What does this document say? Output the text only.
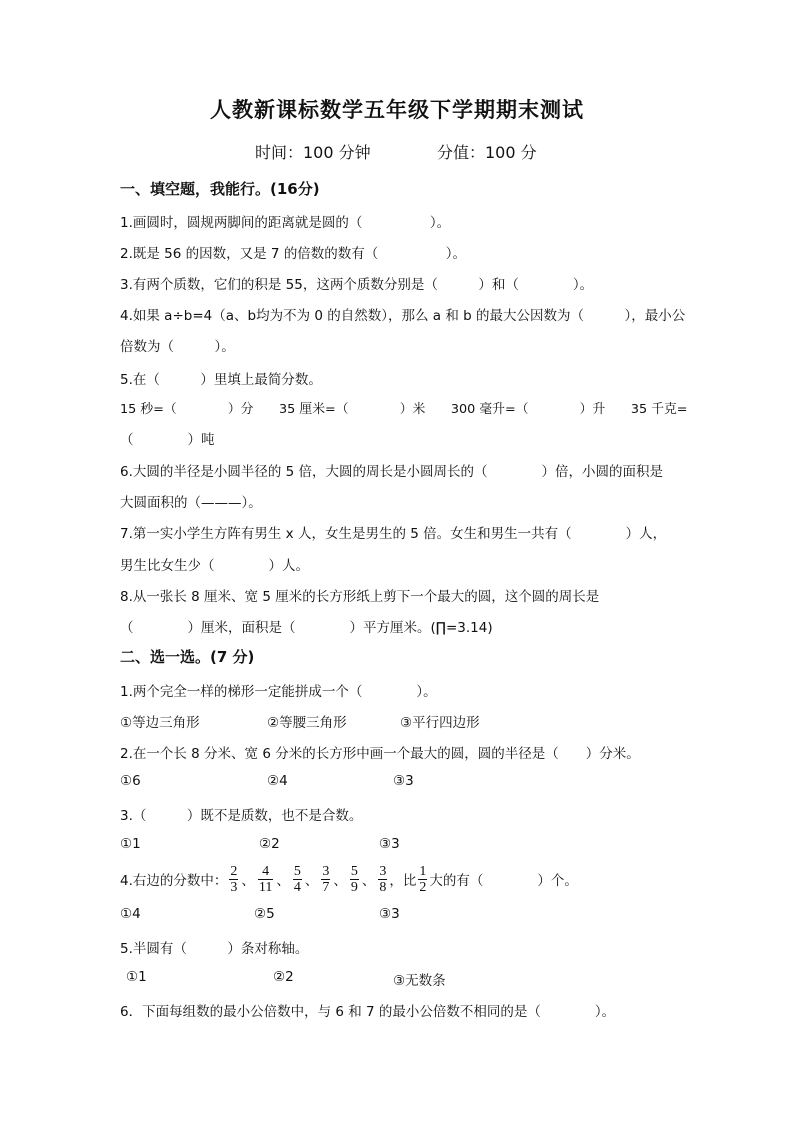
人教新课标数学五年级下学期期末测试
时间：100 分钟	分值：100 分
一、填空题，我能行。(16分)
1.画圆时，圆规两脚间的距离就是圆的（　　　　　）。
2.既是 56 的因数，又是 7 的倍数的数有（　　　　　）。
3.有两个质数，它们的积是 55，这两个质数分别是（　　　）和（　　　　）。
4.如果 a÷b=4（a、b均为不为 0 的自然数），那么 a 和 b 的最大公因数为（　　　），最小公
倍数为（　　　）。
5.在（　　　）里填上最简分数。
15 秒=（　　　　）分　　35 厘米=（　　　　）米　　300 毫升=（　　　　）升　　35 千克=
（　　　　）吨
6.大圆的半径是小圆半径的 5 倍，大圆的周长是小圆周长的（　　　　）倍，小圆的面积是
大圆面积的（———）。
7.第一实小学生方阵有男生 x 人，女生是男生的 5 倍。女生和男生一共有（　　　　）人，
男生比女生少（　　　　）人。
8.从一张长 8 厘米、宽 5 厘米的长方形纸上剪下一个最大的圆，这个圆的周长是
（　　　　）厘米，面积是（　　　　）平方厘米。(∏=3.14)
二、选一选。(7 分)
1.两个完全一样的梯形一定能拼成一个（　　　　）。
①等边三角形	②等腰三角形	③平行四边形
2.在一个长 8 分米、宽 6 分米的长方形中画一个最大的圆，圆的半径是（　　）分米。
①6	②4	③3
3.（　　　）既不是质数，也不是合数。
①1	②2	③3
4.右边的分数中： $\frac{2}{3}$ 、 $\frac{4}{11}$ 、 $\frac{5}{4}$ 、 $\frac{3}{7}$ 、 $\frac{5}{9}$ 、 $\frac{3}{8}$ ，比 $\frac{1}{2}$ 大的有（　　　　）个。
①4	②5	③3
5.半圆有（　　　）条对称轴。
①1	②2	③无数条
6．下面每组数的最小公倍数中，与 6 和 7 的最小公倍数不相同的是（　　　　）。
